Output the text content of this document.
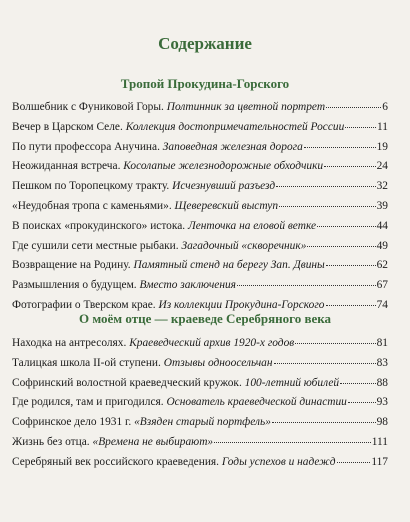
Содержание
Тропой Прокудина-Горского
Волшебник с Фуниковой Горы. Полтинник за цветной портрет	6
Вечер в Царском Селе. Коллекция достопримечательностей России	11
По пути профессора Анучина. Заповедная железная дорога	19
Неожиданная встреча. Косолапые железнодорожные обходчики	24
Пешком по Торопецкому тракту. Исчезнувший разъезд	32
«Неудобная тропа с каменьями». Щеверевский выступ	39
В поисках «прокудинского» истока. Ленточка на еловой ветке	44
Где сушили сети местные рыбаки. Загадочный «скворечник»	49
Возвращение на Родину. Памятный стенд на берегу Зап. Двины	62
Размышления о будущем. Вместо заключения	67
Фотографии о Тверском крае. Из коллекции Прокудина-Горского	74
О моём отце — краеведе Серебряного века
Находка на антресолях. Краеведческий архив 1920-х годов	81
Талицкая школа II-ой ступени. Отзывы одноосельчан	83
Софринский волостной краеведческий кружок. 100-летний юбилей	88
Где родился, там и пригодился. Основатель краеведческой династии	93
Софринское дело 1931 г. «Взяден старый портфель»	98
Жизнь без отца. «Времена не выбирают»	111
Серебряный век российского краеведения. Годы успехов и надежд	117
